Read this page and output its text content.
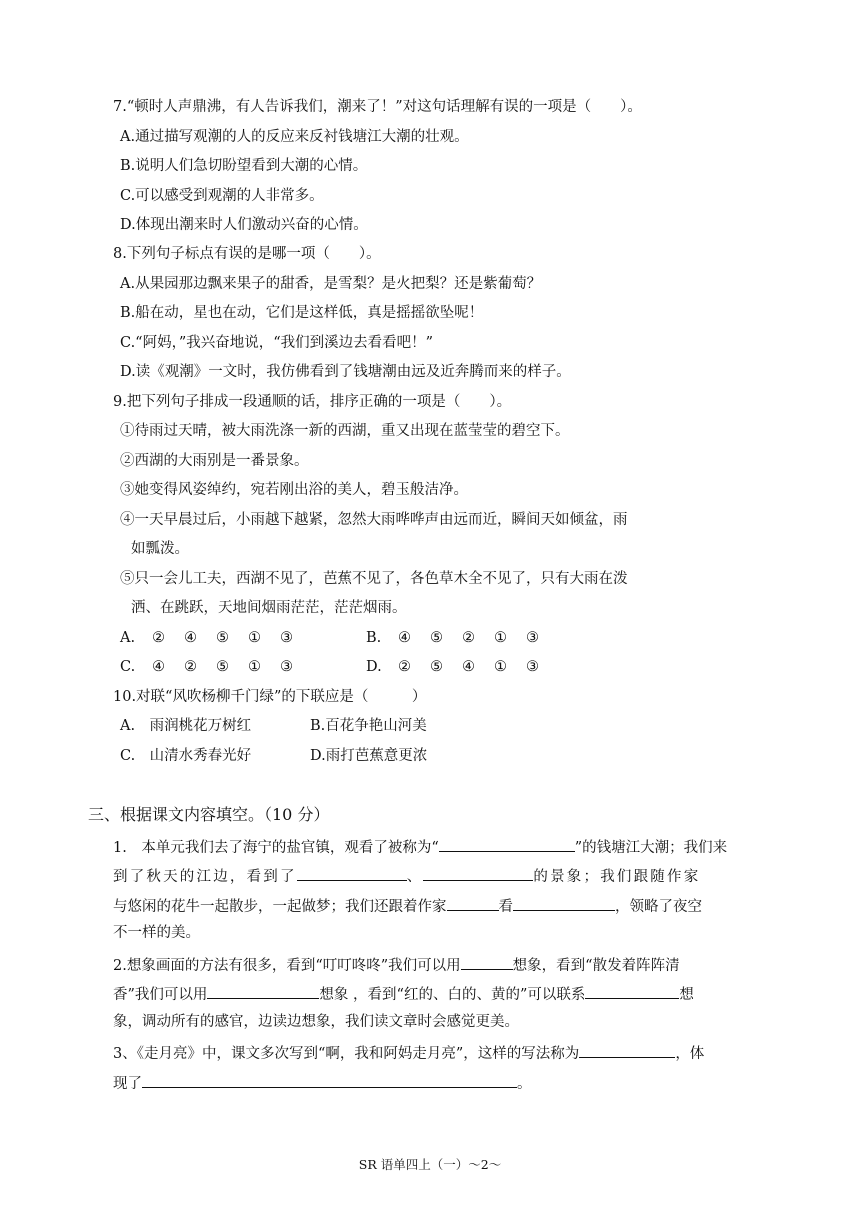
7.“顿时人声鼎沸，有人告诉我们，潮来了！”对这句话理解有误的一项是（　　）。
A.通过描写观潮的人的反应来反衬钱塘江大潮的壮观。
B.说明人们急切盼望看到大潮的心情。
C.可以感受到观潮的人非常多。
D.体现出潮来时人们激动兴奋的心情。
8.下列句子标点有误的是哪一项（　　）。
A.从果园那边飘来果子的甜香，是雪梨？是火把梨？还是紫葡萄？
B.船在动，星也在动，它们是这样低，真是摇摇欲坠呢！
C.“阿妈，”我兴奋地说，“我们到溪边去看看吧！”
D.读《观潮》一文时，我仿佛看到了钱塘潮由远及近奔腾而来的样子。
9.把下列句子排成一段通顺的话，排序正确的一项是（　　）。
①待雨过天晴，被大雨洗涤一新的西湖，重又出现在蓝莹莹的碧空下。
②西湖的大雨别是一番景象。
③她变得风姿绰约，宛若刚出浴的美人，碧玉般洁净。
④一天早晨过后，小雨越下越紧，忽然大雨哗哗声由远而近，瞬间天如倾盆，雨
如瓢泼。
⑤只一会儿工夫，西湖不见了，芭蕉不见了，各色草木全不见了，只有大雨在泼
洒、在跳跃，天地间烟雨茫茫，茫茫烟雨。
A. ② ④ ⑤ ① ③	B. ④ ⑤ ② ① ③
C. ④ ② ⑤ ① ③	D. ② ⑤ ④ ① ③
10.对联“风吹杨柳千门绿”的下联应是（　　　）
A.　雨润桃花万树红	B.百花争艳山河美
C.　山清水秀春光好	D.雨打芭蕉意更浓
三、根据课文内容填空。（10 分）
1.　本单元我们去了海宁的盐官镇，观看了被称为“	”的钱塘江大潮；我们来
到了秋天的江边，看到了	、	的景象；我们跟随作家
与悠闲的花牛一起散步，一起做梦；我们还跟着作家	看	，领略了夜空
不一样的美。
2.想象画面的方法有很多，看到“叮叮咚咚”我们可以用	想象，看到“散发着阵阵清
香”我们可以用	想象 ，看到“红的、白的、黄的”可以联系	想
象，调动所有的感官，边读边想象，我们读文章时会感觉更美。
3、《走月亮》中，课文多次写到“啊，我和阿妈走月亮”，这样的写法称为	，体
现了	。
SR 语单四上（一）～2～
